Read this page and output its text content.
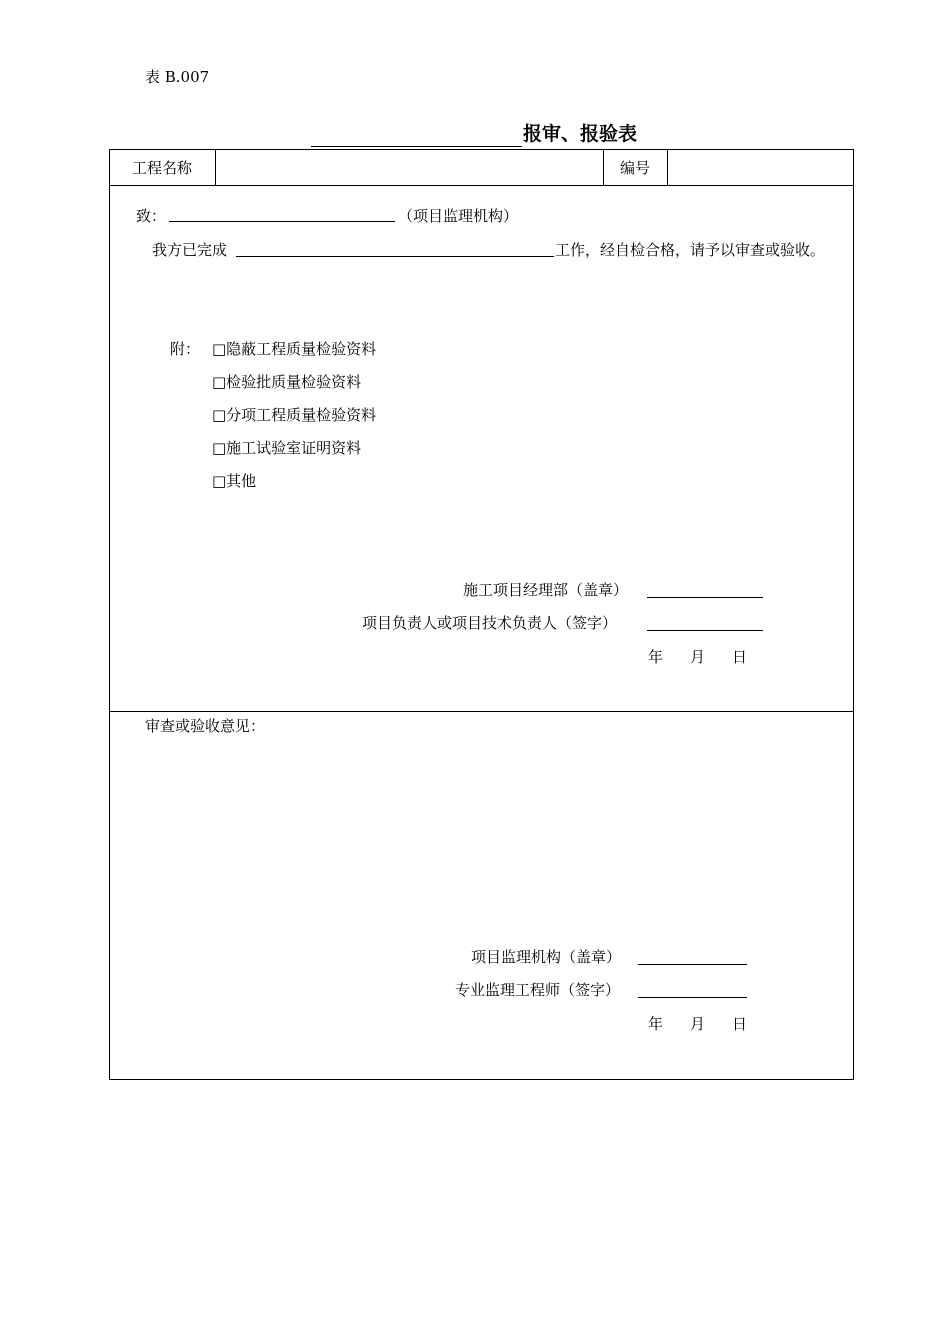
表 B.007
报审、报验表
工程名称	编号
致：	（项目监理机构）
我方已完成	工作，经自检合格，请予以审查或验收。
附： □隐蔽工程质量检验资料
□检验批质量检验资料
□分项工程质量检验资料
□施工试验室证明资料
□其他
施工项目经理部（盖章）
项目负责人或项目技术负责人（签字）
年 月 日
审查或验收意见：
项目监理机构（盖章）
专业监理工程师（签字）
年 月 日
